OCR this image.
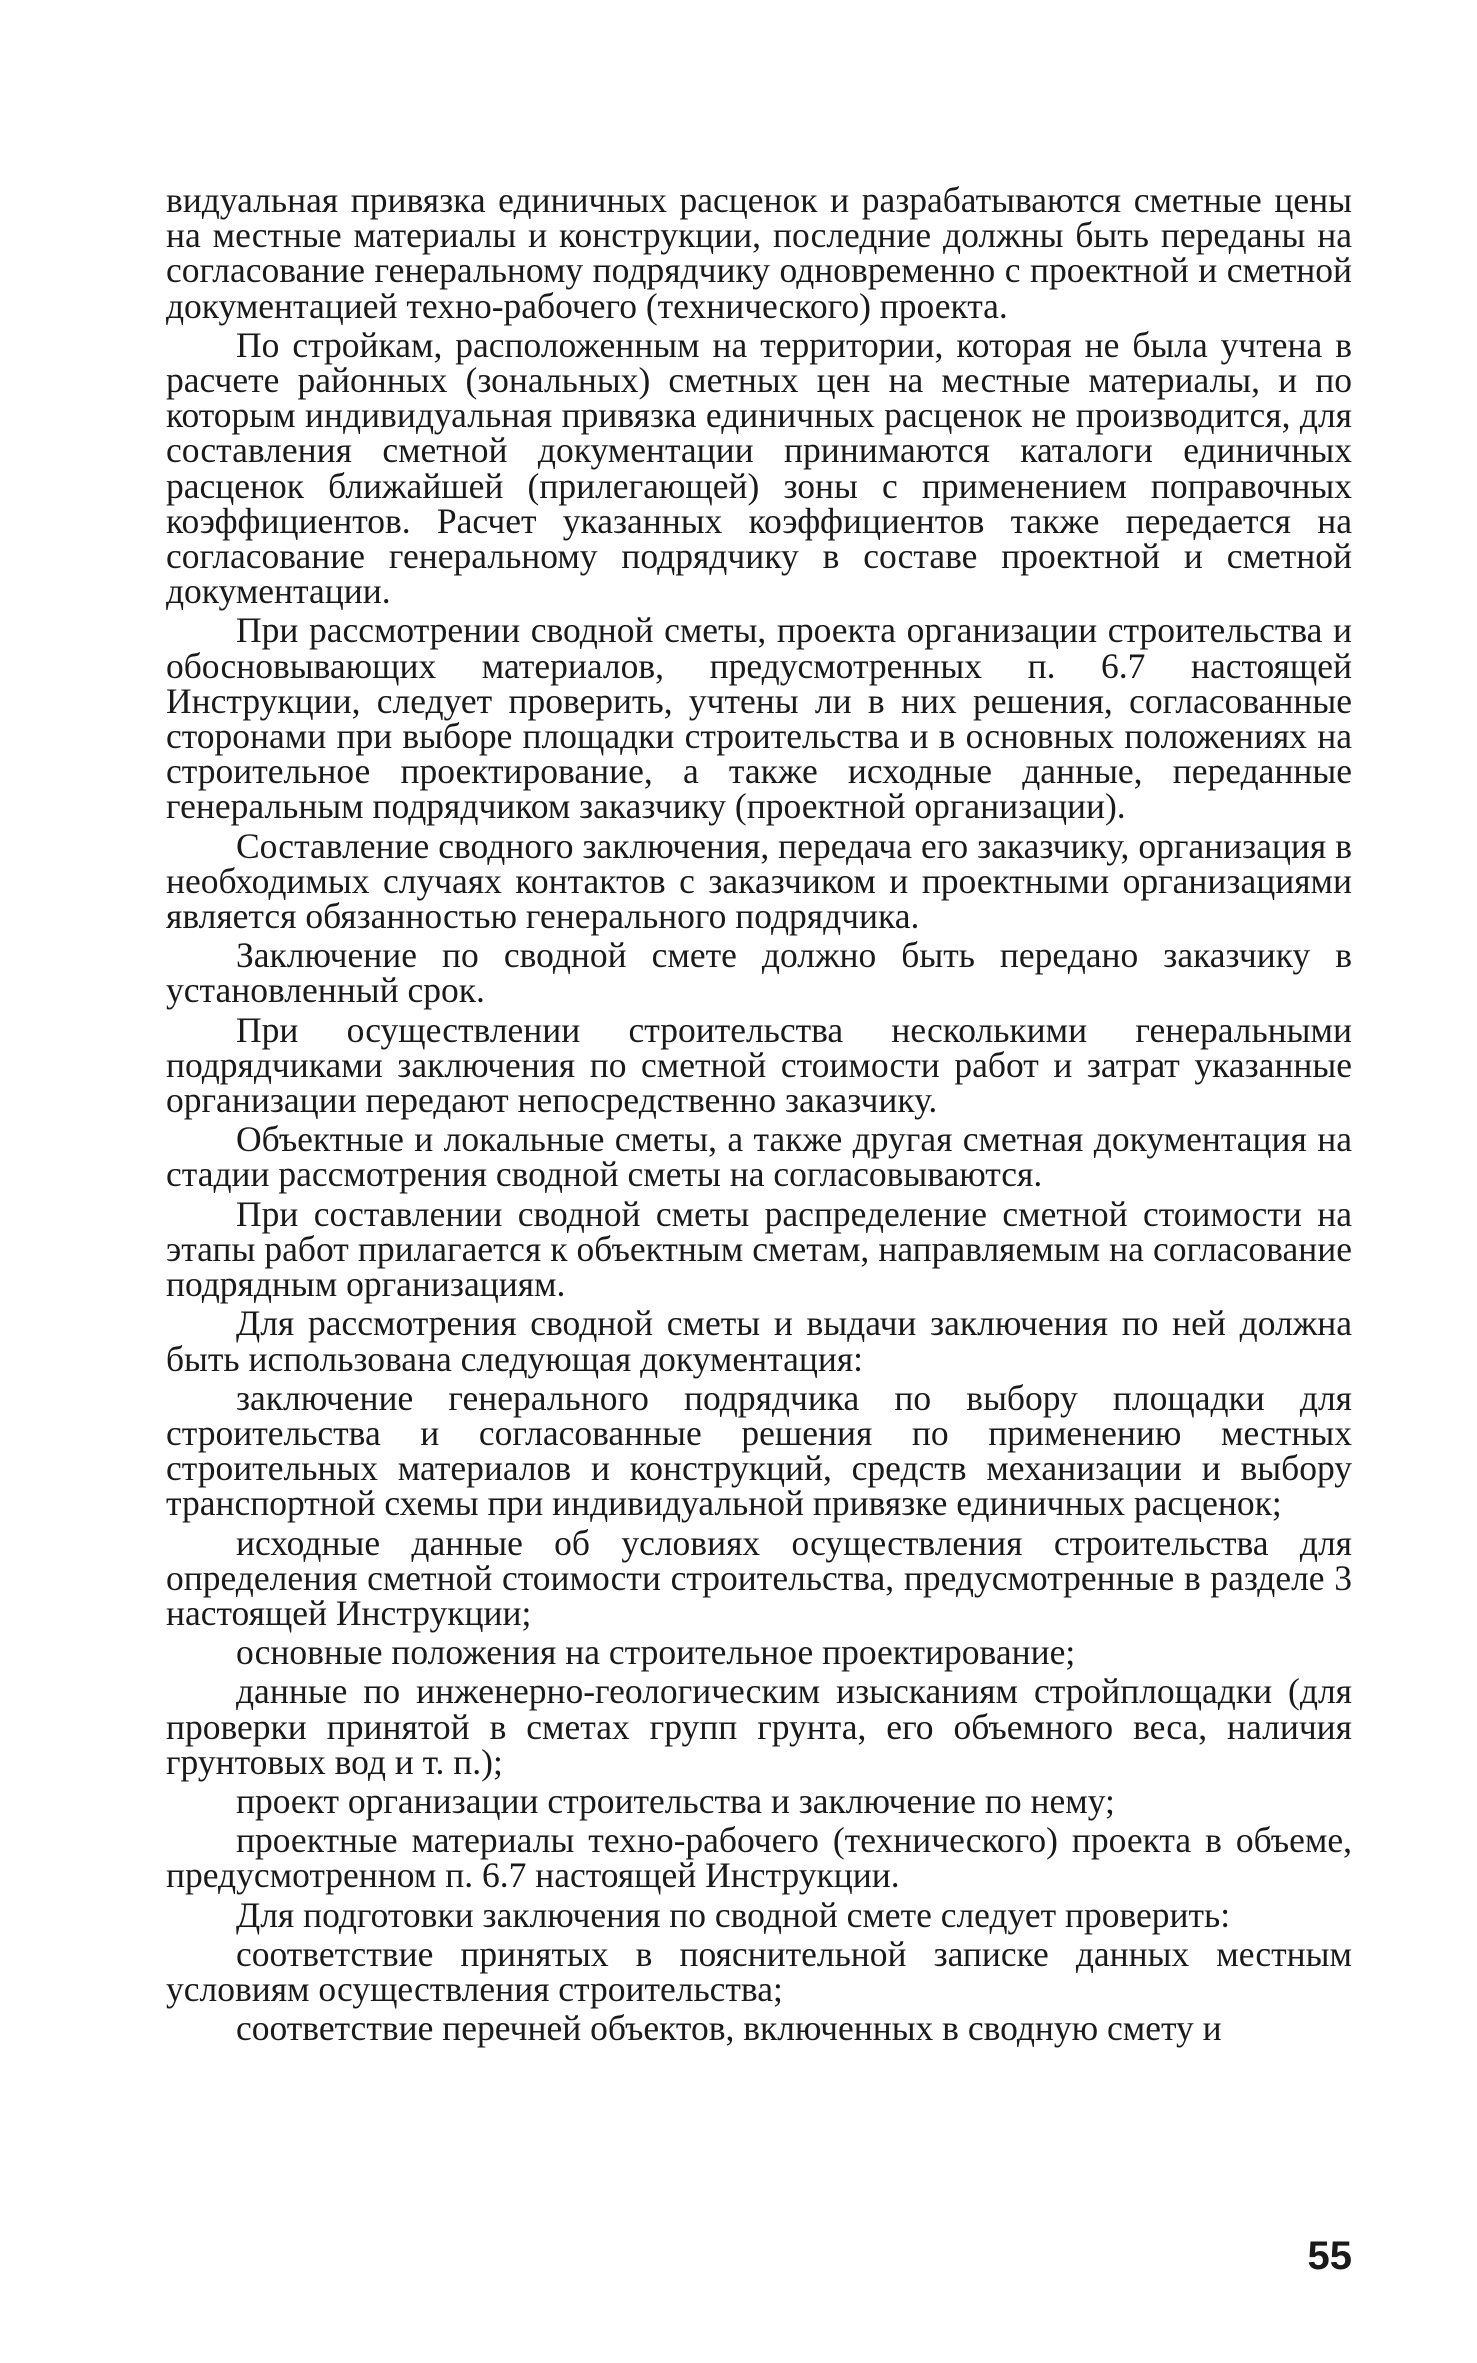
видуальная привязка единичных расценок и разрабатываются сметные цены на местные материалы и конструкции, последние должны быть переданы на согласование генеральному подрядчику одновременно с проектной и сметной документацией техно-рабочего (технического) проекта.

По стройкам, расположенным на территории, которая не была учтена в расчете районных (зональных) сметных цен на местные материалы, и по которым индивидуальная привязка единичных расценок не производится, для составления сметной документации принимаются каталоги единичных расценок ближайшей (прилегающей) зоны с применением поправочных коэффициентов. Расчет указанных коэффициентов также передается на согласование генеральному подрядчику в составе проектной и сметной документации.

При рассмотрении сводной сметы, проекта организации строительства и обосновывающих материалов, предусмотренных п. 6.7 настоящей Инструкции, следует проверить, учтены ли в них решения, согласованные сторонами при выборе площадки строительства и в основных положениях на строительное проектирование, а также исходные данные, переданные генеральным подрядчиком заказчику (проектной организации).

Составление сводного заключения, передача его заказчику, организация в необходимых случаях контактов с заказчиком и проектными организациями является обязанностью генерального подрядчика.

Заключение по сводной смете должно быть передано заказчику в установленный срок.

При осуществлении строительства несколькими генеральными подрядчиками заключения по сметной стоимости работ и затрат указанные организации передают непосредственно заказчику.

Объектные и локальные сметы, а также другая сметная документация на стадии рассмотрения сводной сметы на согласовываются.

При составлении сводной сметы распределение сметной стоимости на этапы работ прилагается к объектным сметам, направляемым на согласование подрядным организациям.

Для рассмотрения сводной сметы и выдачи заключения по ней должна быть использована следующая документация:

заключение генерального подрядчика по выбору площадки для строительства и согласованные решения по применению местных строительных материалов и конструкций, средств механизации и выбору транспортной схемы при индивидуальной привязке единичных расценок;

исходные данные об условиях осуществления строительства для определения сметной стоимости строительства, предусмотренные в разделе 3 настоящей Инструкции;

основные положения на строительное проектирование;

данные по инженерно-геологическим изысканиям стройплощадки (для проверки принятой в сметах групп грунта, его объемного веса, наличия грунтовых вод и т. п.);

проект организации строительства и заключение по нему;

проектные материалы техно-рабочего (технического) проекта в объеме, предусмотренном п. 6.7 настоящей Инструкции.

Для подготовки заключения по сводной смете следует проверить:

соответствие принятых в пояснительной записке данных местным условиям осуществления строительства;

соответствие перечней объектов, включенных в сводную смету и

55
